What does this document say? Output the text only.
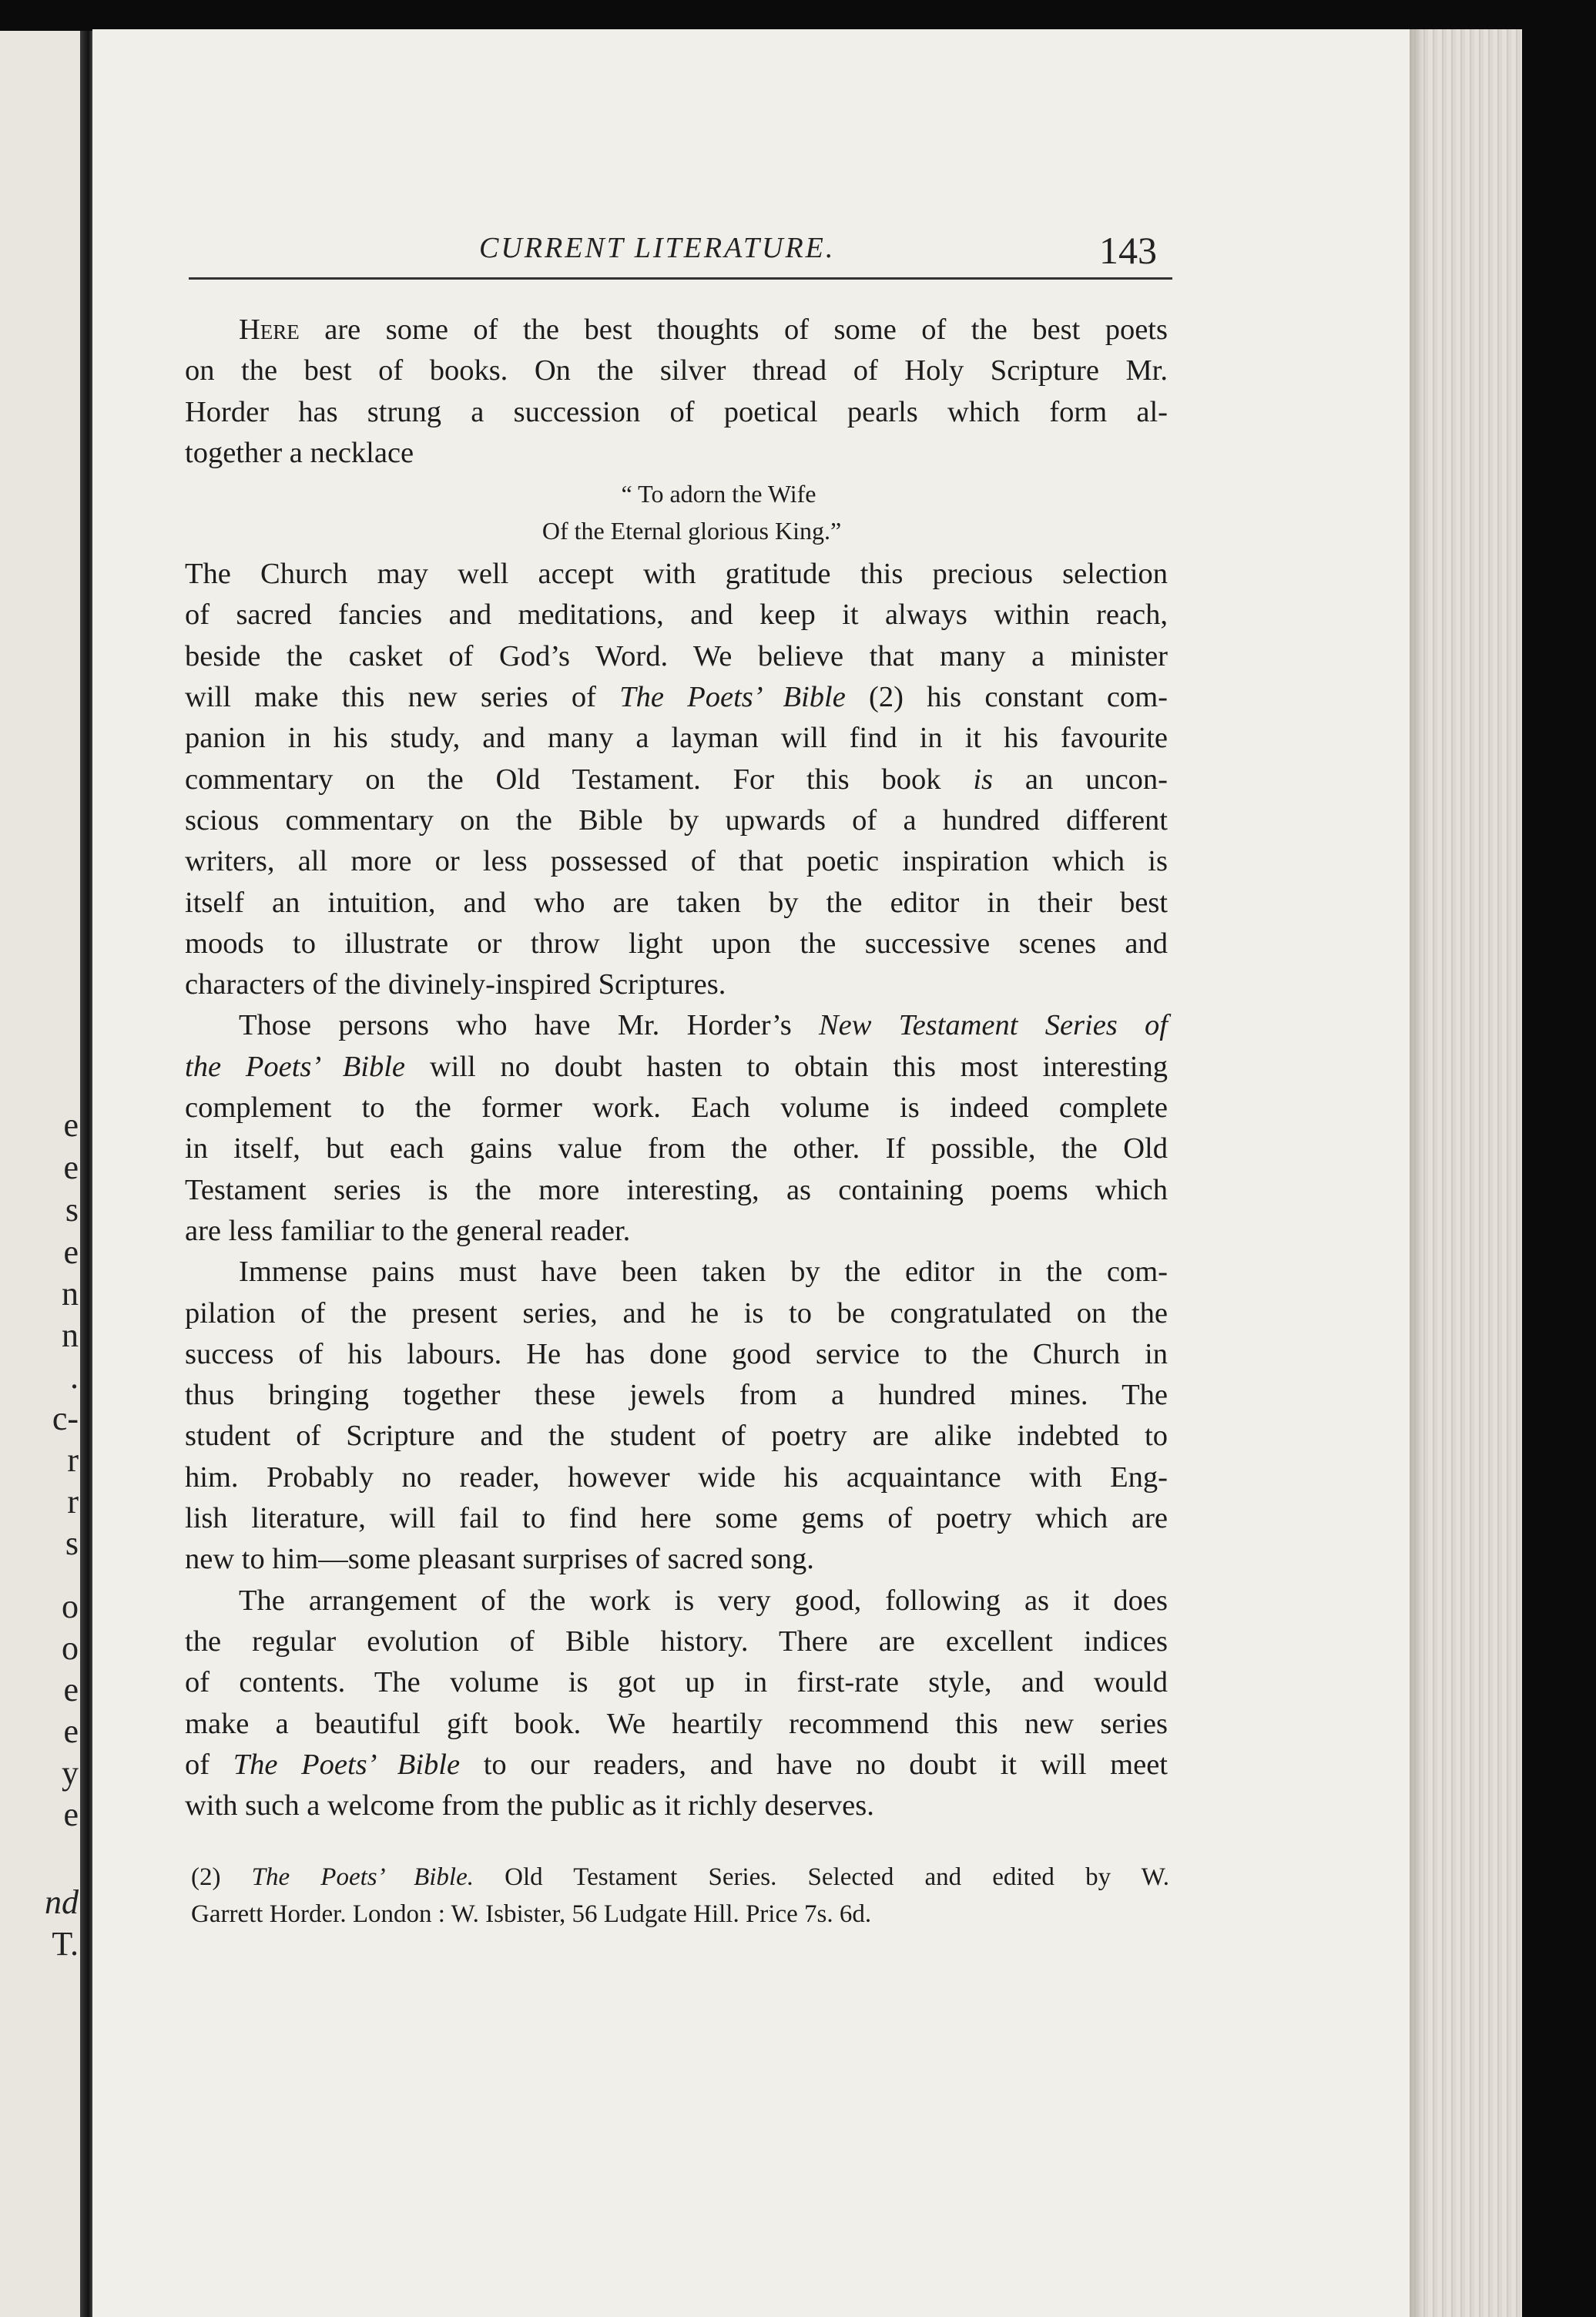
e
e
s
e
n
n
.
c-
r
r
s
o
o
e
e
y
e
nd
T.
CURRENT LITERATURE.	143
Here are some of the best thoughts of some of the best poets
on the best of books. On the silver thread of Holy Scripture Mr.
Horder has strung a succession of poetical pearls which form al-
together a necklace
“ To adorn the Wife
Of the Eternal glorious King.”
The Church may well accept with gratitude this precious selection
of sacred fancies and meditations, and keep it always within reach,
beside the casket of God’s Word. We believe that many a minister
will make this new series of The Poets’ Bible (2) his constant com-
panion in his study, and many a layman will find in it his favourite
commentary on the Old Testament. For this book is an uncon-
scious commentary on the Bible by upwards of a hundred different
writers, all more or less possessed of that poetic inspiration which is
itself an intuition, and who are taken by the editor in their best
moods to illustrate or throw light upon the successive scenes and
characters of the divinely-inspired Scriptures.
Those persons who have Mr. Horder’s New Testament Series of
the Poets’ Bible will no doubt hasten to obtain this most interesting
complement to the former work. Each volume is indeed complete
in itself, but each gains value from the other. If possible, the Old
Testament series is the more interesting, as containing poems which
are less familiar to the general reader.
Immense pains must have been taken by the editor in the com-
pilation of the present series, and he is to be congratulated on the
success of his labours. He has done good service to the Church in
thus bringing together these jewels from a hundred mines. The
student of Scripture and the student of poetry are alike indebted to
him. Probably no reader, however wide his acquaintance with Eng-
lish literature, will fail to find here some gems of poetry which are
new to him—some pleasant surprises of sacred song.
The arrangement of the work is very good, following as it does
the regular evolution of Bible history. There are excellent indices
of contents. The volume is got up in first-rate style, and would
make a beautiful gift book. We heartily recommend this new series
of The Poets’ Bible to our readers, and have no doubt it will meet
with such a welcome from the public as it richly deserves.
(2) The Poets’ Bible. Old Testament Series. Selected and edited by W.
Garrett Horder. London : W. Isbister, 56 Ludgate Hill. Price 7s. 6d.
